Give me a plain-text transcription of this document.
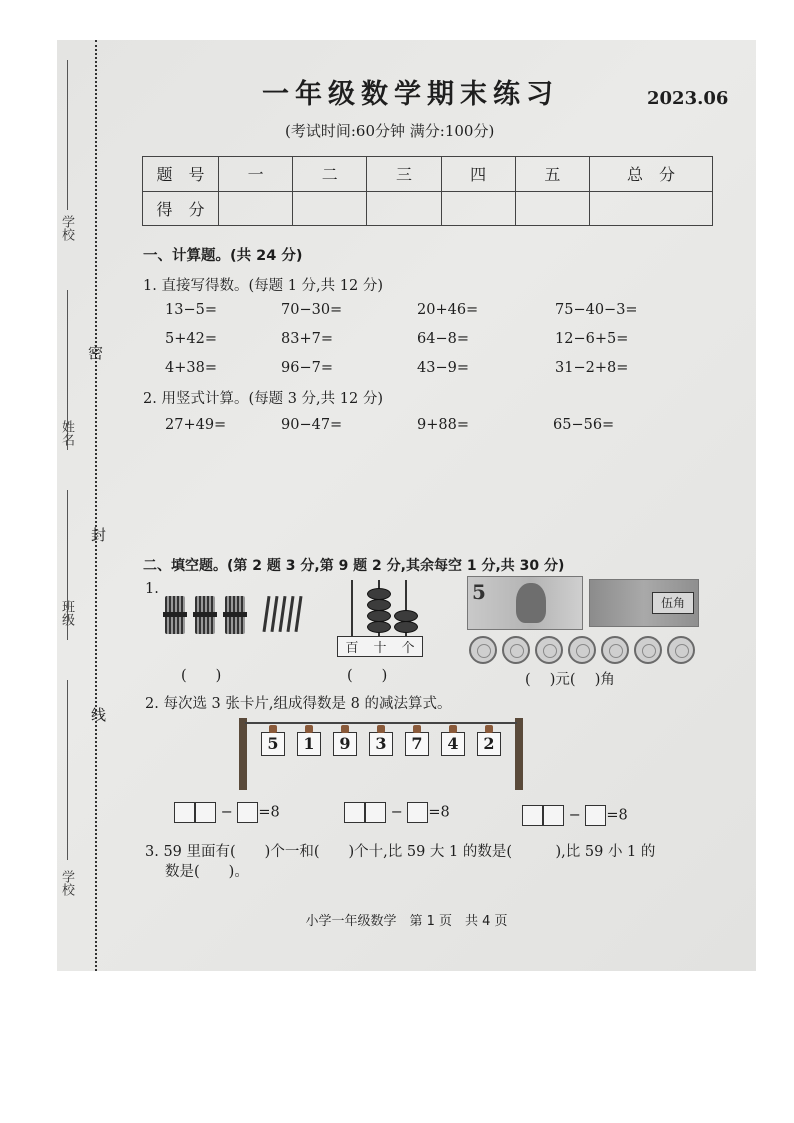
学校
姓名
班级
学校
密
封
线
一年级数学期末练习	2023.06
(考试时间:60分钟 满分:100分)
题　号	一	二	三	四	五	总　分
得　分						
一、计算题。(共 24 分)
1. 直接写得数。(每题 1 分,共 12 分)
13−5=	70−30=	20+46=	75−40−3=
5+42=	83+7=	64−8=	12−6+5=
4+38=	96−7=	43−9=	31−2+8=
2. 用竖式计算。(每题 3 分,共 12 分)
27+49=	90−47=	9+88=	65−56=
二、填空题。(第 2 题 3 分,第 9 题 2 分,其余每空 1 分,共 30 分)
1.
(　　)
百 十 个
(　　)
5	伍角
(　 )元(　 )角
2. 每次选 3 张卡片,组成得数是 8 的减法算式。
5	1	9	3	7	4	2
− =8	− =8	− =8
3. 59 里面有(　　)个一和(　　)个十,比 59 大 1 的数是(　　　),比 59 小 1 的
数是(　　)。
小学一年级数学　第 1 页　共 4 页
